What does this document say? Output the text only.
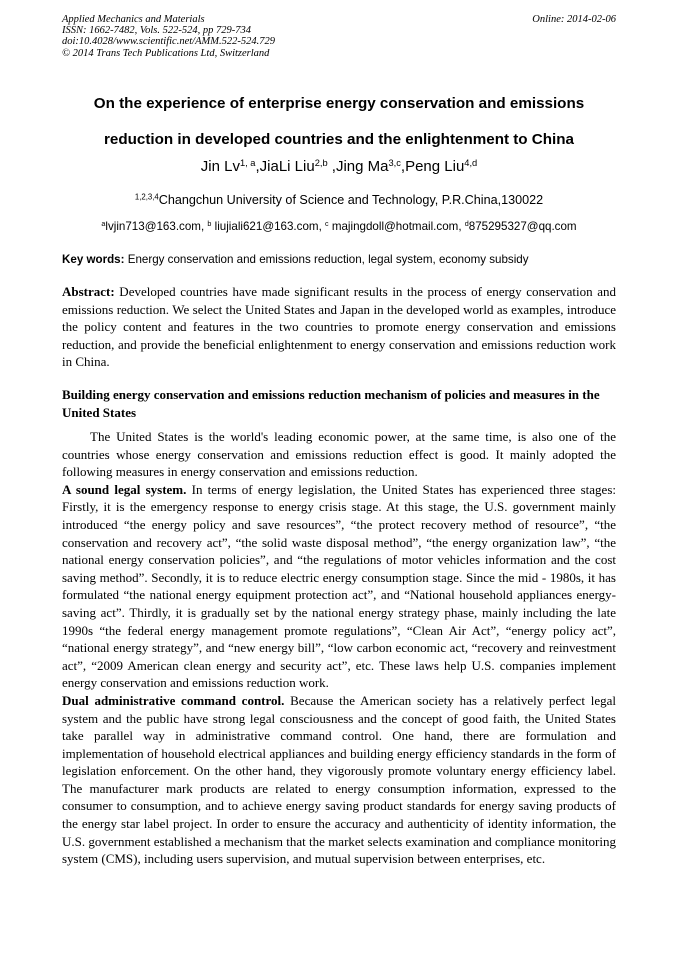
Applied Mechanics and Materials
ISSN: 1662-7482, Vols. 522-524, pp 729-734
doi:10.4028/www.scientific.net/AMM.522-524.729
© 2014 Trans Tech Publications Ltd, Switzerland
Online: 2014-02-06
On the experience of enterprise energy conservation and emissions
reduction in developed countries and the enlightenment to China
Jin Lv$^{1, a}$,JiaLi Liu$^{2,b}$ ,Jing Ma$^{3,c}$,Peng Liu$^{4,d}$
$^{1,2,3,4}$Changchun University of Science and Technology, P.R.China,130022
$^a$lvjin713@163.com, $^b$ liujiali621@163.com, $^c$ majingdoll@hotmail.com, $^d$875295327@qq.com
Key words: Energy conservation and emissions reduction, legal system, economy subsidy
Abstract: Developed countries have made significant results in the process of energy conservation and emissions reduction. We select the United States and Japan in the developed world as examples, introduce the policy content and features in the two countries to promote energy conservation and emissions reduction, and provide the beneficial enlightenment to energy conservation and emissions reduction work in China.
Building energy conservation and emissions reduction mechanism of policies and measures in the United States

The United States is the world's leading economic power, at the same time, is also one of the countries whose energy conservation and emissions reduction effect is good. It mainly adopted the following measures in energy conservation and emissions reduction.

A sound legal system. In terms of energy legislation, the United States has experienced three stages: Firstly, it is the emergency response to energy crisis stage. At this stage, the U.S. government mainly introduced “the energy policy and save resources”, “the protect recovery method of resource”, “the conservation and recovery act”, “the solid waste disposal method”, “the energy organization law”, “the national energy conservation policies”, and “the regulations of motor vehicles information and the cost saving method”. Secondly, it is to reduce electric energy consumption stage. Since the mid - 1980s, it has formulated “the national energy equipment protection act”, and “National household appliances energy-saving act”. Thirdly, it is gradually set by the national energy strategy phase, mainly including the late 1990s “the federal energy management promote regulations”, “Clean Air Act”, “energy policy act”, “national energy strategy”, and “new energy bill”, “low carbon economic act, “recovery and reinvestment act”, “2009 American clean energy and security act”, etc. These laws help U.S. companies implement energy conservation and emissions reduction work.

Dual administrative command control. Because the American society has a relatively perfect legal system and the public have strong legal consciousness and the concept of good faith, the United States take parallel way in administrative command control. One hand, there are formulation and implementation of household electrical appliances and building energy efficiency standards in the form of legislation enforcement. On the other hand, they vigorously promote voluntary energy efficiency label. The manufacturer mark products are related to energy consumption information, expressed to the consumer to consumption, and to achieve energy saving product standards for energy saving products of the energy star label project. In order to ensure the accuracy and authenticity of identity information, the U.S. government established a mechanism that the market selects examination and compliance monitoring system (CMS), including users supervision, and mutual supervision between enterprises, etc.
